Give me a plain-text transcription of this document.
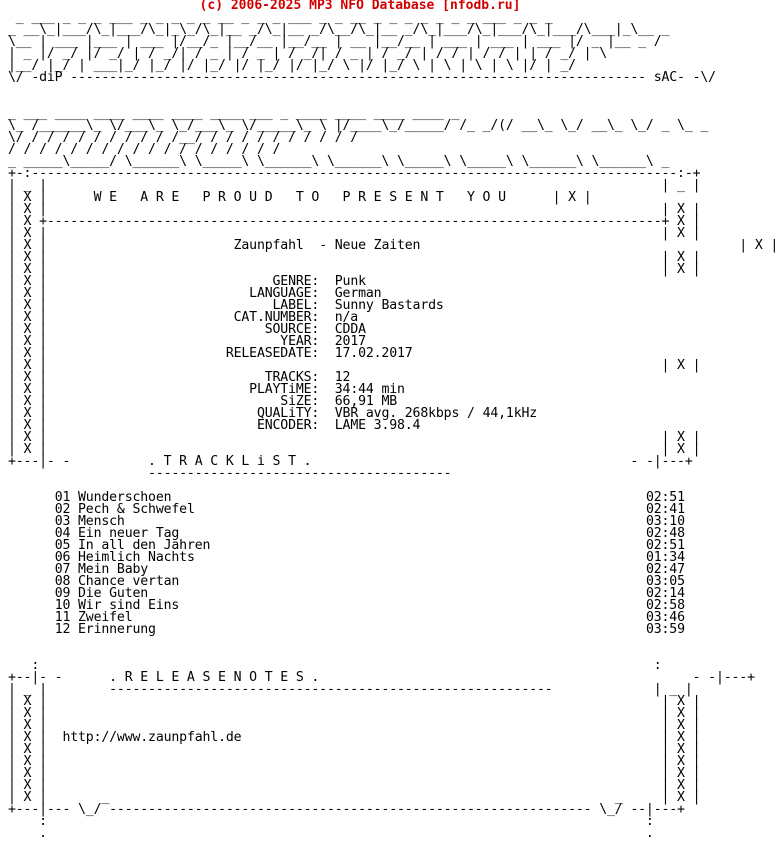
(c) 2006-2025 MP3 NFO Database [nfodb.ru]
_ ___ _ _ _ ___ _ _ _ _ _ __ _ _ _ ___ _ _ __ _ _ _ _ _ _ _ ___ _ _ _
_ __\_|___/\_|___/\_|_\_/\_|__ _/\_|__ _/\__/\_|__ _/\_|___/\_|___/\_|___/\___|_\__ _
\__ | ___ |___ | ___ |/__/_ |__/__ |__/__ | __ |__/__ | ___ | ___ | ___ |/ _ |__ _ /
| _ |/ _/ |/ _/ | / _/| / _ | / _ | / _/| / _ | / _/ | / / | / / | | / _/ | \
|__/ |_/ | ___|_/ |_/ |/ |_/ |/ |_/ |/ |_/ \ |/ |_/ \ | \ | \ | \ |/ | _/
\/ -diP -------------------------------------------------------------------------- sAC- -\/

_ ___ ____ ____ ____ ____ ____ ___ _ ____ ____ ____ ____ _
\_ /______\_ \/___\_ \_/___\_ \/_____\_ \ |/____\_/_____/ /_ _/(/ __\_ \_/ __\_ \_/ _ \_ _
\/ / / / / / / / / / /__/ / / / / / / / / / /
/ / / / / / / / / / / / / / / / / /
_ _____\_____/ \______\ \_____\ \______\ \______\ \_____\ \_____\ \______\ \______\ _
+-:-----------------------------------------------------------------------------------:-+
| _ |                                                                               | _ |
| X |	W E   A R E   P R O U D   T O   P R E S E N T   Y O U	| X |
| X |                                                                               | X |
| X +-------------------------------------------------------------------------------+ X |
| X |                                                                               | X |
| X |	Zaunpfahl  - Neue Zaiten	| X |
| X |                                                                               | X |
| X |                                                                               | X |
| X |	GENRE: Punk
| X |	LANGUAGE: German
| X |	LABEL: Sunny Bastards
| X |	CAT.NUMBER: n/a
| X |	SOURCE: CDDA
| X |	YEAR: 2017
| X |	RELEASEDATE: 17.02.2017
| X |                                                                               | X |
| X |	TRACKS: 12
| X |	PLAYTiME: 34:44 min
| X |	SiZE: 66,91 MB
| X |	QUALiTY: VBR avg. 268kbps / 44,1kHz
| X |	ENCODER: LAME 3.98.4
| X |                                                                               | X |
| X |                                                                               | X |
+---|- -	. T R A C K L i S T .	- -|---+
---------------------------------------

01 Wunderschoen	02:51
02 Pech & Schwefel	02:41
03 Mensch	03:10
04 Ein neuer Tag	02:48
05 In all den Jahren	02:51
06 Heimlich Nachts	01:34
07 Mein Baby	02:47
08 Chance vertan	03:05
09 Die Guten	02:14
10 Wir sind Eins	02:58
11 Zweifel	03:46
12 Erinnerung	03:59

:                                                                               :
+--|- -	. R E L E A S E N O T E S .	- -|---+
| _ |        ---------------------------------------------------------             | _ |
| X |                                                                               | X |
| X |                                                                               | X |
| X |                                                                               | X |
| X |  http://www.zaunpfahl.de	| X |
| X |                                                                               | X |
| X |                                                                               | X |
| X |                                                                               | X |
| X |                                                                               | X |
| X |       _                                                                 _     | X |
+---|--- \_/ -------------------------------------------------------------- \_/ --|---+
:                                                                             :
.                                                                             .
